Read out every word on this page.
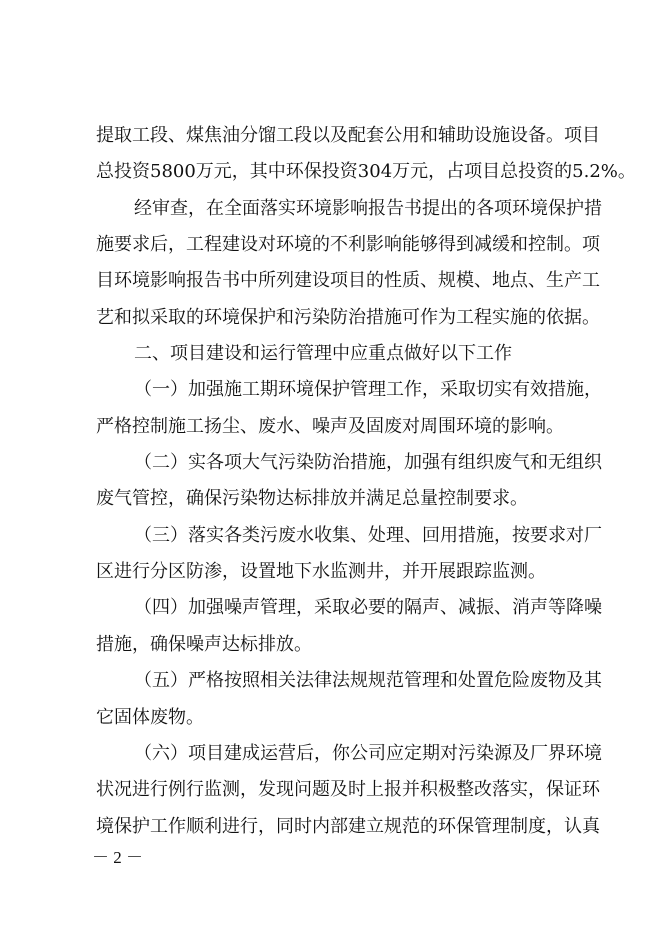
提取工段、煤焦油分馏工段以及配套公用和辅助设施设备。项目
总投资5800万元，其中环保投资304万元，占项目总投资的5.2%。
经审查，在全面落实环境影响报告书提出的各项环境保护措
施要求后，工程建设对环境的不利影响能够得到减缓和控制。项
目环境影响报告书中所列建设项目的性质、规模、地点、生产工
艺和拟采取的环境保护和污染防治措施可作为工程实施的依据。
二、项目建设和运行管理中应重点做好以下工作
（一）加强施工期环境保护管理工作，采取切实有效措施，
严格控制施工扬尘、废水、噪声及固废对周围环境的影响。
（二）实各项大气污染防治措施，加强有组织废气和无组织
废气管控，确保污染物达标排放并满足总量控制要求。
（三）落实各类污废水收集、处理、回用措施，按要求对厂
区进行分区防渗，设置地下水监测井，并开展跟踪监测。
（四）加强噪声管理，采取必要的隔声、减振、消声等降噪
措施，确保噪声达标排放。
（五）严格按照相关法律法规规范管理和处置危险废物及其
它固体废物。
（六）项目建成运营后，你公司应定期对污染源及厂界环境
状况进行例行监测，发现问题及时上报并积极整改落实，保证环
境保护工作顺利进行，同时内部建立规范的环保管理制度，认真
－ 2 －
